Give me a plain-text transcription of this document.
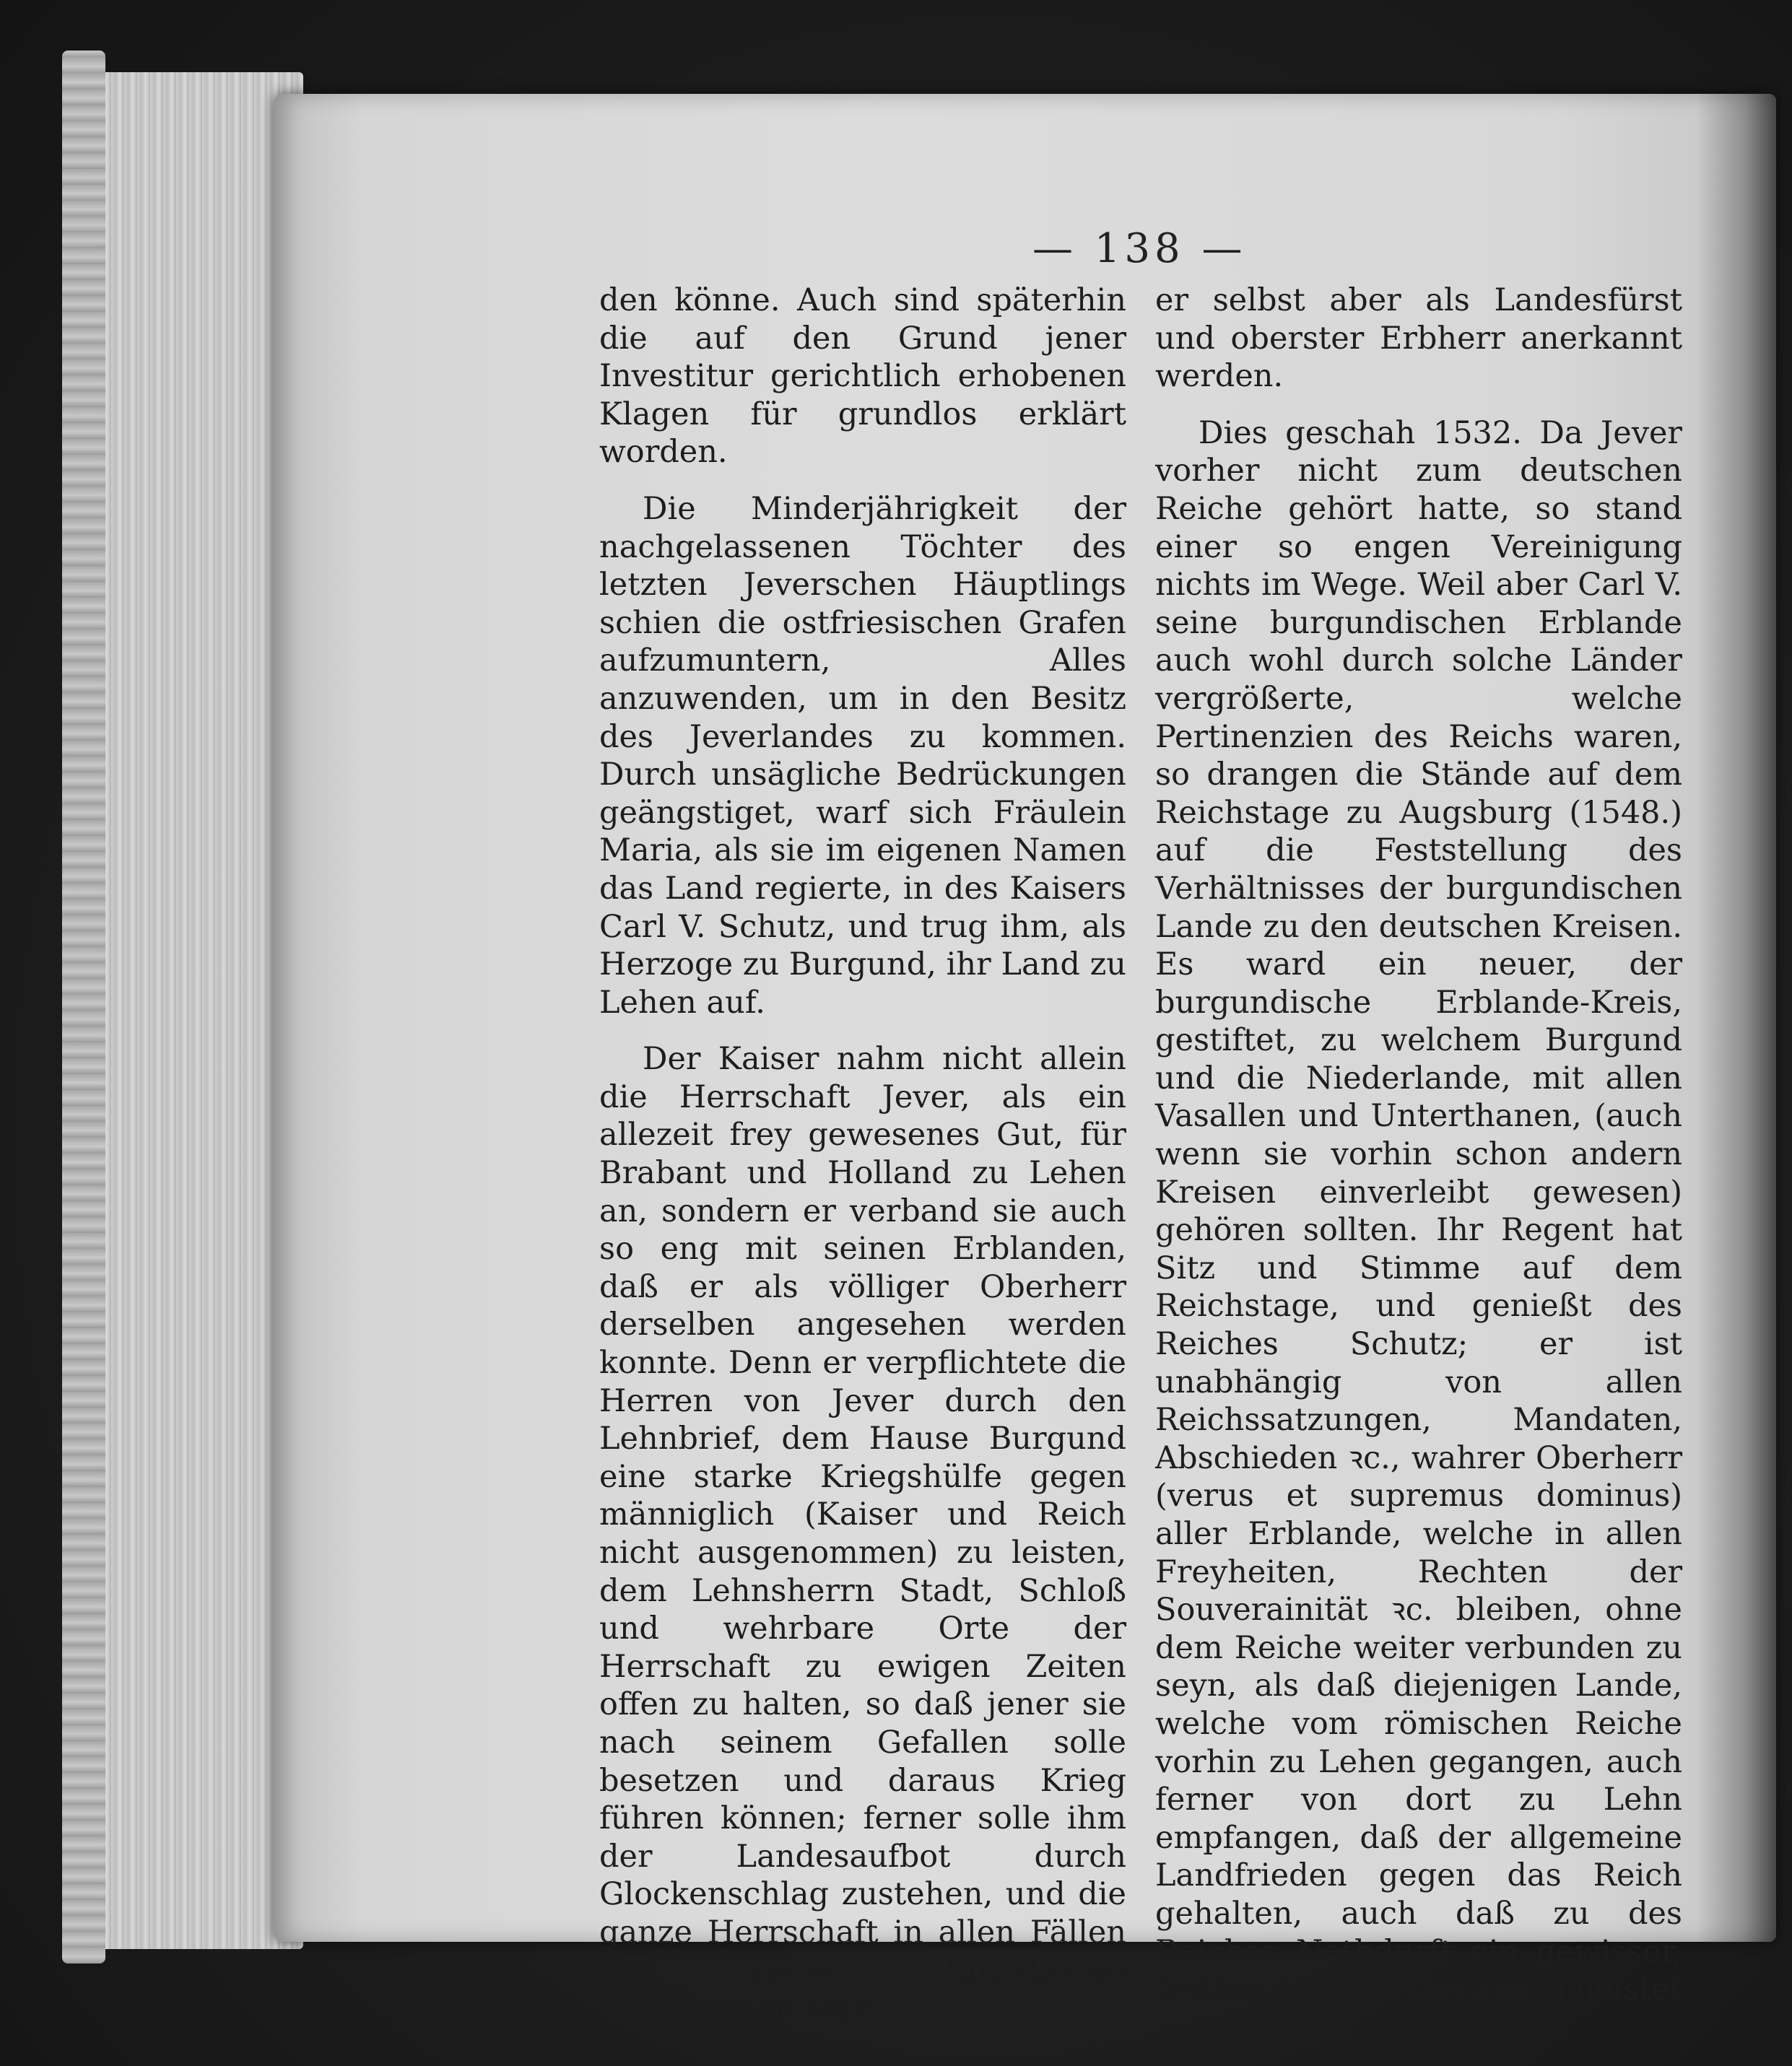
— 138 —

den könne. Auch sind späterhin die auf den Grund jener Investitur gerichtlich erhobenen Klagen für grundlos erklärt worden.

Die Minderjährigkeit der nachgelassenen Töchter des letzten Jeverschen Häuptlings schien die ostfriesischen Grafen aufzumuntern, Alles anzuwenden, um in den Besitz des Jeverlandes zu kommen. Durch unsägliche Bedrückungen geängstiget, warf sich Fräulein Maria, als sie im eigenen Namen das Land regierte, in des Kaisers Carl V. Schutz, und trug ihm, als Herzoge zu Burgund, ihr Land zu Lehen auf.

Der Kaiser nahm nicht allein die Herrschaft Jever, als ein allezeit frey gewesenes Gut, für Brabant und Holland zu Lehen an, sondern er verband sie auch so eng mit seinen Erblanden, daß er als völliger Oberherr derselben angesehen werden konnte. Denn er verpflichtete die Herren von Jever durch den Lehnbrief, dem Hause Burgund eine starke Kriegshülfe gegen männiglich (Kaiser und Reich nicht ausgenommen) zu leisten, dem Lehnsherrn Stadt, Schloß und wehrbare Orte der Herrschaft zu ewigen Zeiten offen zu halten, so daß jener sie nach seinem Gefallen solle besetzen und daraus Krieg führen können; ferner solle ihm der Landesaufbot durch Glockenschlag zustehen, und die ganze Herrschaft in allen Fällen nur seiner Jurisdiction unterworfen seyn;

er selbst aber als Landesfürst und oberster Erbherr anerkannt werden.

Dies geschah 1532. Da Jever vorher nicht zum deutschen Reiche gehört hatte, so stand einer so engen Vereinigung nichts im Wege. Weil aber Carl V. seine burgundischen Erblande auch wohl durch solche Länder vergrößerte, welche Pertinenzien des Reichs waren, so drangen die Stände auf dem Reichstage zu Augsburg (1548.) auf die Feststellung des Verhältnisses der burgundischen Lande zu den deutschen Kreisen. Es ward ein neuer, der burgundische Erblande-Kreis, gestiftet, zu welchem Burgund und die Niederlande, mit allen Vasallen und Unterthanen, (auch wenn sie vorhin schon andern Kreisen einverleibt gewesen) gehören sollten. Ihr Regent hat Sitz und Stimme auf dem Reichstage, und genießt des Reiches Schutz; er ist unabhängig von allen Reichssatzungen, Mandaten, Abschieden ꝛc., wahrer Oberherr (verus et supremus dominus) aller Erblande, welche in allen Freyheiten, Rechten der Souverainität ꝛc. bleiben, ohne dem Reiche weiter verbunden zu seyn, als daß diejenigen Lande, welche vom römischen Reiche vorhin zu Lehen gegangen, auch ferner von dort zu Lehn empfangen, daß der allgemeine Landfrieden gegen das Reich gehalten, auch daß zu des Reiches Nothdurft ein gewisser, festbestimmter Beytrag geleistet werden solle.
